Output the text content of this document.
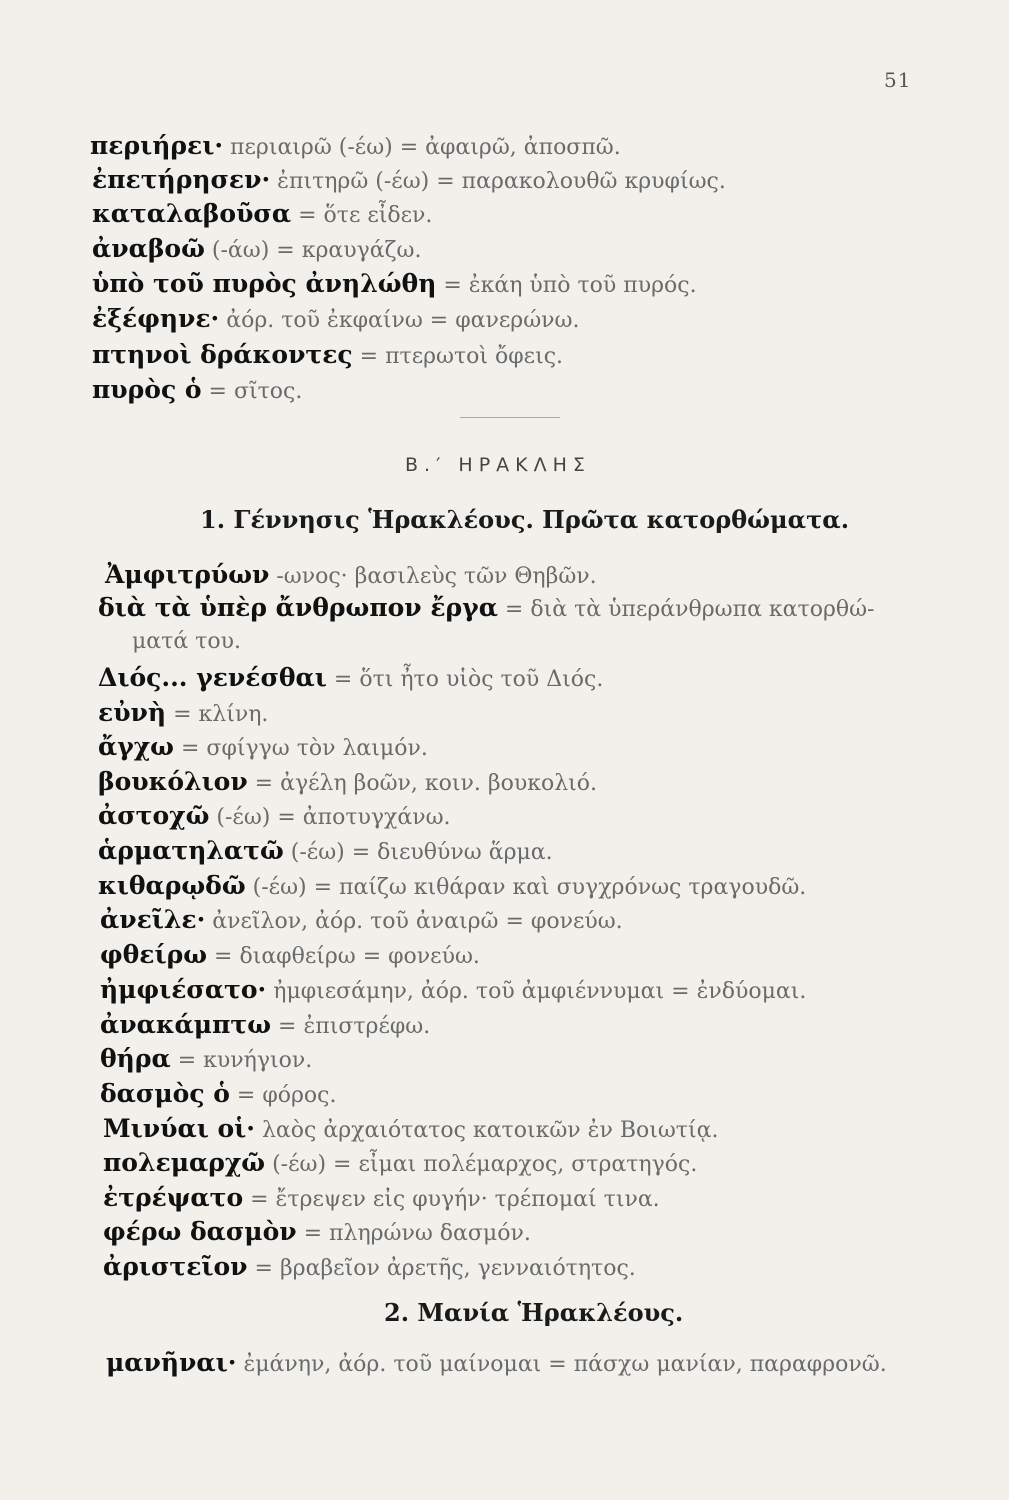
51
περιήρει· περιαιρῶ (-έω) = ἀφαιρῶ, ἀποσπῶ.
ἐπετήρησεν· ἐπιτηρῶ (-έω) = παρακολουθῶ κρυφίως.
καταλαβοῦσα = ὅτε εἶδεν.
ἀναβοῶ (-άω) = κραυγάζω.
ὑπὸ τοῦ πυρὸς ἀνηλώθη = ἐκάη ὑπὸ τοῦ πυρός.
ἐξέφηνε· ἀόρ. τοῦ ἐκφαίνω = φανερώνω.
πτηνοὶ δράκοντες = πτερωτοὶ ὄφεις.
πυρὸς ὁ = σῖτος.
Β.′ ΗΡΑΚΛΗΣ
1. Γέννησις Ἡρακλέους. Πρῶτα κατορθώματα.
Ἀμφιτρύων -ωνος· βασιλεὺς τῶν Θηβῶν.
διὰ τὰ ὑπὲρ ἄνθρωπον ἔργα = διὰ τὰ ὑπεράνθρωπα κατορθώ-
ματά του.
Διός... γενέσθαι = ὅτι ἦτο υἱὸς τοῦ Διός.
εὐνὴ = κλίνη.
ἄγχω = σφίγγω τὸν λαιμόν.
βουκόλιον = ἀγέλη βοῶν, κοιν. βουκολιό.
ἀστοχῶ (-έω) = ἀποτυγχάνω.
ἁρματηλατῶ (-έω) = διευθύνω ἅρμα.
κιθαρῳδῶ (-έω) = παίζω κιθάραν καὶ συγχρόνως τραγουδῶ.
ἀνεῖλε· ἀνεῖλον, ἀόρ. τοῦ ἀναιρῶ = φονεύω.
φθείρω = διαφθείρω = φονεύω.
ἠμφιέσατο· ἠμφιεσάμην, ἀόρ. τοῦ ἀμφιέννυμαι = ἐνδύομαι.
ἀνακάμπτω = ἐπιστρέφω.
θήρα = κυνήγιον.
δασμὸς ὁ = φόρος.
Μινύαι οἱ· λαὸς ἀρχαιότατος κατοικῶν ἐν Βοιωτίᾳ.
πολεμαρχῶ (-έω) = εἶμαι πολέμαρχος, στρατηγός.
ἐτρέψατο = ἔτρεψεν εἰς φυγήν· τρέπομαί τινα.
φέρω δασμὸν = πληρώνω δασμόν.
ἀριστεῖον = βραβεῖον ἀρετῆς, γενναιότητος.
2. Μανία Ἡρακλέους.
μανῆναι· ἐμάνην, ἀόρ. τοῦ μαίνομαι = πάσχω μανίαν, παραφρονῶ.
